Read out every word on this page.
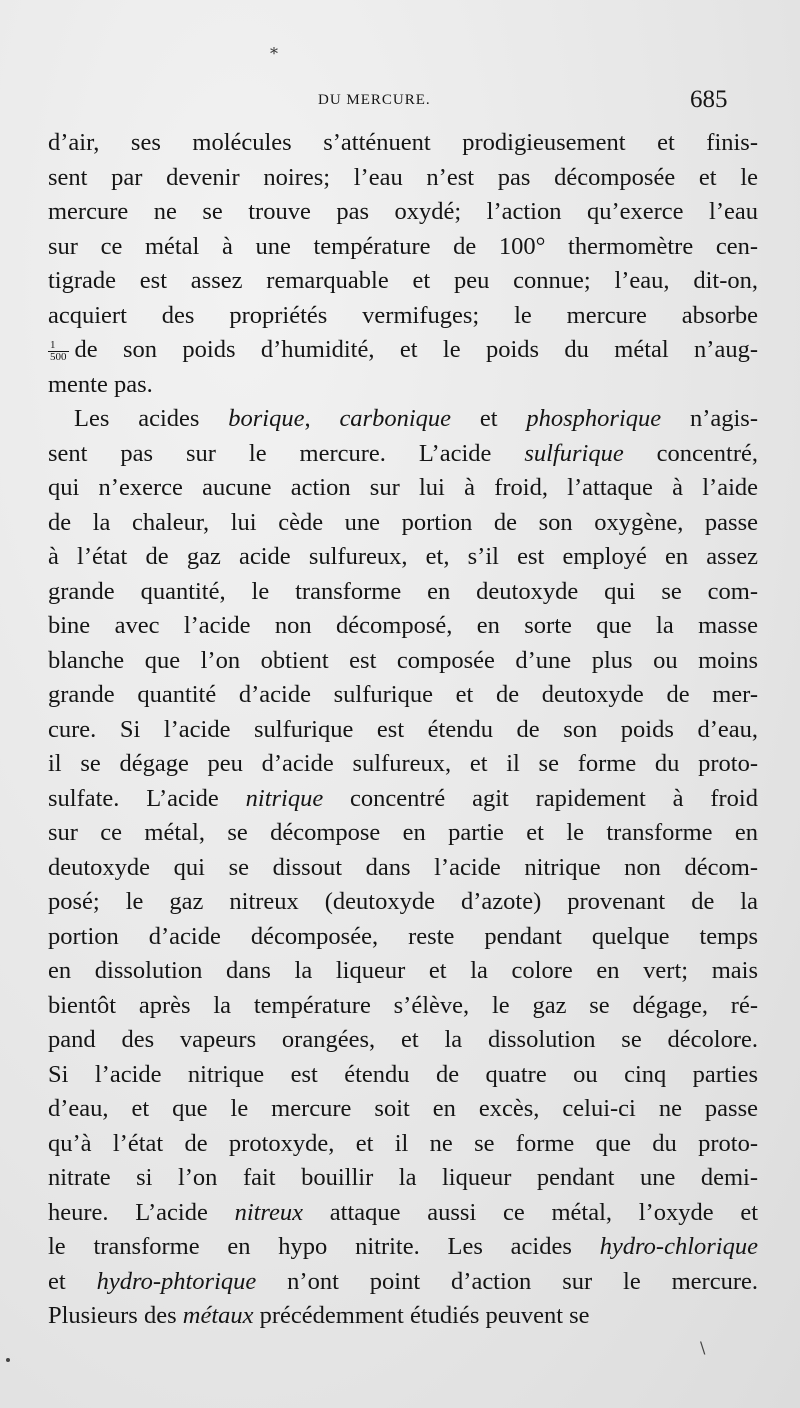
*
DU MERCURE.	685
d’air, ses molécules s’atténuent prodigieusement et finis-
sent par devenir noires; l’eau n’est pas décomposée et le
mercure ne se trouve pas oxydé; l’action qu’exerce l’eau
sur ce métal à une température de 100° thermomètre cen-
tigrade est assez remarquable et peu connue; l’eau, dit-on,
acquiert des propriétés vermifuges; le mercure absorbe
$\frac{1}{500}$ de son poids d’humidité, et le poids du métal n’aug-
mente pas.
Les acides borique, carbonique et phosphorique n’agis-
sent pas sur le mercure. L’acide sulfurique concentré,
qui n’exerce aucune action sur lui à froid, l’attaque à l’aide
de la chaleur, lui cède une portion de son oxygène, passe
à l’état de gaz acide sulfureux, et, s’il est employé en assez
grande quantité, le transforme en deutoxyde qui se com-
bine avec l’acide non décomposé, en sorte que la masse
blanche que l’on obtient est composée d’une plus ou moins
grande quantité d’acide sulfurique et de deutoxyde de mer-
cure. Si l’acide sulfurique est étendu de son poids d’eau,
il se dégage peu d’acide sulfureux, et il se forme du proto-
sulfate. L’acide nitrique concentré agit rapidement à froid
sur ce métal, se décompose en partie et le transforme en
deutoxyde qui se dissout dans l’acide nitrique non décom-
posé; le gaz nitreux (deutoxyde d’azote) provenant de la
portion d’acide décomposée, reste pendant quelque temps
en dissolution dans la liqueur et la colore en vert; mais
bientôt après la température s’élève, le gaz se dégage, ré-
pand des vapeurs orangées, et la dissolution se décolore.
Si l’acide nitrique est étendu de quatre ou cinq parties
d’eau, et que le mercure soit en excès, celui-ci ne passe
qu’à l’état de protoxyde, et il ne se forme que du proto-
nitrate si l’on fait bouillir la liqueur pendant une demi-
heure. L’acide nitreux attaque aussi ce métal, l’oxyde et
le transforme en hypo nitrite. Les acides hydro-chlorique
et hydro-phtorique n’ont point d’action sur le mercure.
Plusieurs des métaux précédemment étudiés peuvent se
\
